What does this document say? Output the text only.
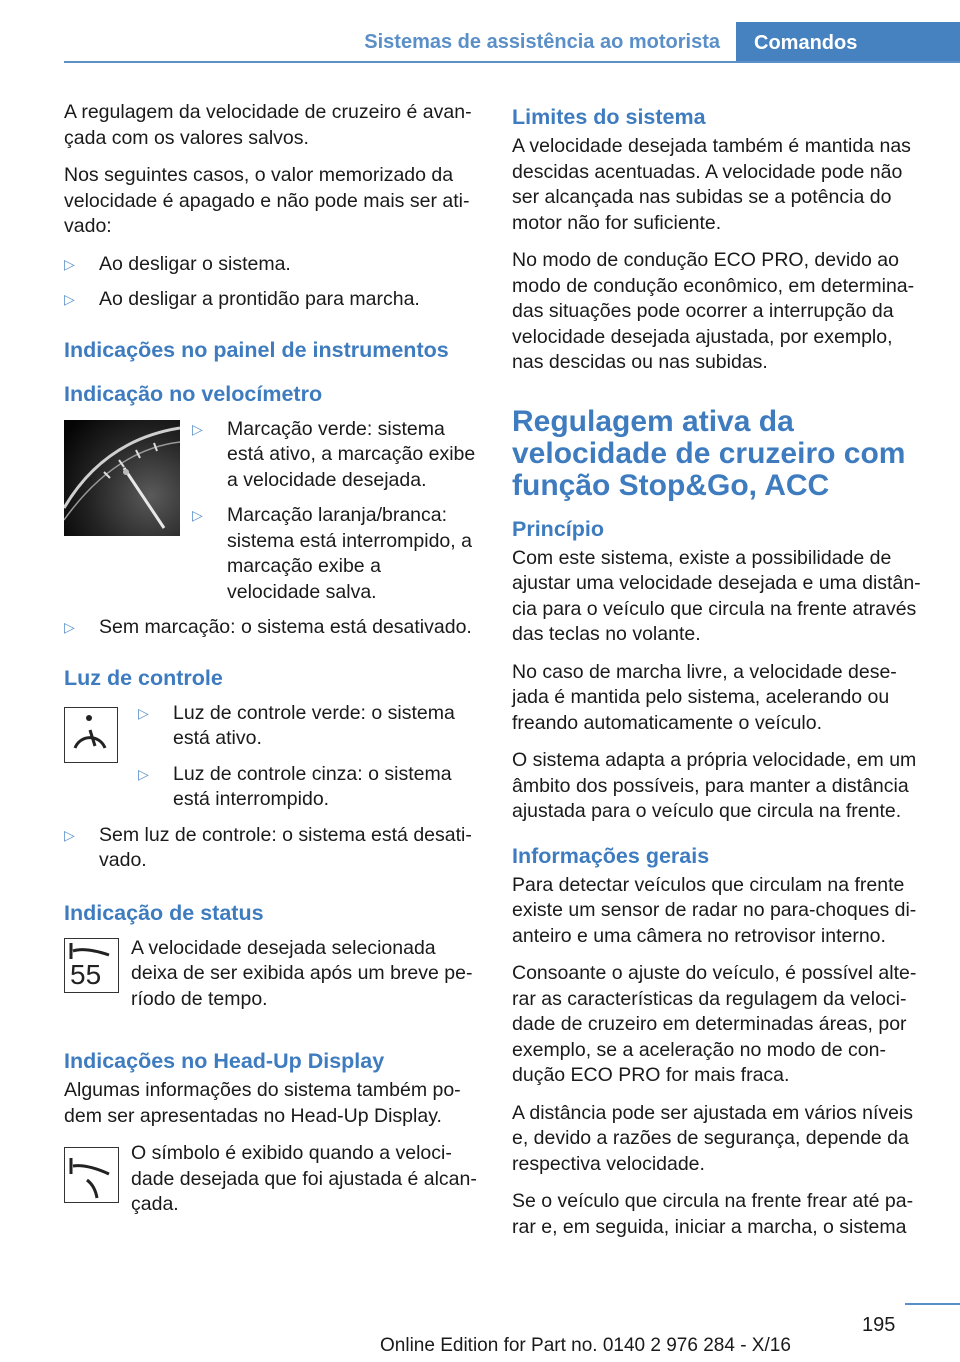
Sistemas de assistência ao motorista	Comandos

A regulagem da velocidade de cruzeiro é avan-çada com os valores salvos.

Nos seguintes casos, o valor memorizado da velocidade é apagado e não pode mais ser ati-vado:

▷ Ao desligar o sistema.
▷ Ao desligar a prontidão para marcha.
Indicações no painel de instrumentos
Indicação no velocímetro
▷ Marcação verde: sistema está ativo, a marcação exibe a velocidade desejada.
▷ Marcação laranja/branca: sistema está interrompido, a marcação exibe a velocidade salva.
▷ Sem marcação: o sistema está desativado.
Luz de controle
▷ Luz de controle verde: o sistema está ativo.
▷ Luz de controle cinza: o sistema está interrompido.
▷ Sem luz de controle: o sistema está desati-vado.
Indicação de status
55

A velocidade desejada selecionada deixa de ser exibida após um breve pe-ríodo de tempo.

Indicações no Head-Up Display

Algumas informações do sistema também po-dem ser apresentadas no Head-Up Display.

O símbolo é exibido quando a veloci-dade desejada que foi ajustada é alcan-çada.

Limites do sistema

A velocidade desejada também é mantida nas descidas acentuadas. A velocidade pode não ser alcançada nas subidas se a potência do motor não for suficiente.

No modo de condução ECO PRO, devido ao modo de condução econômico, em determina-das situações pode ocorrer a interrupção da velocidade desejada ajustada, por exemplo, nas descidas ou nas subidas.

Regulagem ativa da velocidade de cruzeiro com função Stop&Go, ACC
Princípio

Com este sistema, existe a possibilidade de ajustar uma velocidade desejada e uma distân-cia para o veículo que circula na frente através das teclas no volante.

No caso de marcha livre, a velocidade dese-jada é mantida pelo sistema, acelerando ou freando automaticamente o veículo.

O sistema adapta a própria velocidade, em um âmbito dos possíveis, para manter a distância ajustada para o veículo que circula na frente.

Informações gerais

Para detectar veículos que circulam na frente existe um sensor de radar no para-choques di-anteiro e uma câmera no retrovisor interno.

Consoante o ajuste do veículo, é possível alte-rar as características da regulagem da veloci-dade de cruzeiro em determinadas áreas, por exemplo, se a aceleração no modo de con-dução ECO PRO for mais fraca.

A distância pode ser ajustada em vários níveis e, devido a razões de segurança, depende da respectiva velocidade.

Se o veículo que circula na frente frear até pa-rar e, em seguida, iniciar a marcha, o sistema

195
Online Edition for Part no. 0140 2 976 284 - X/16
